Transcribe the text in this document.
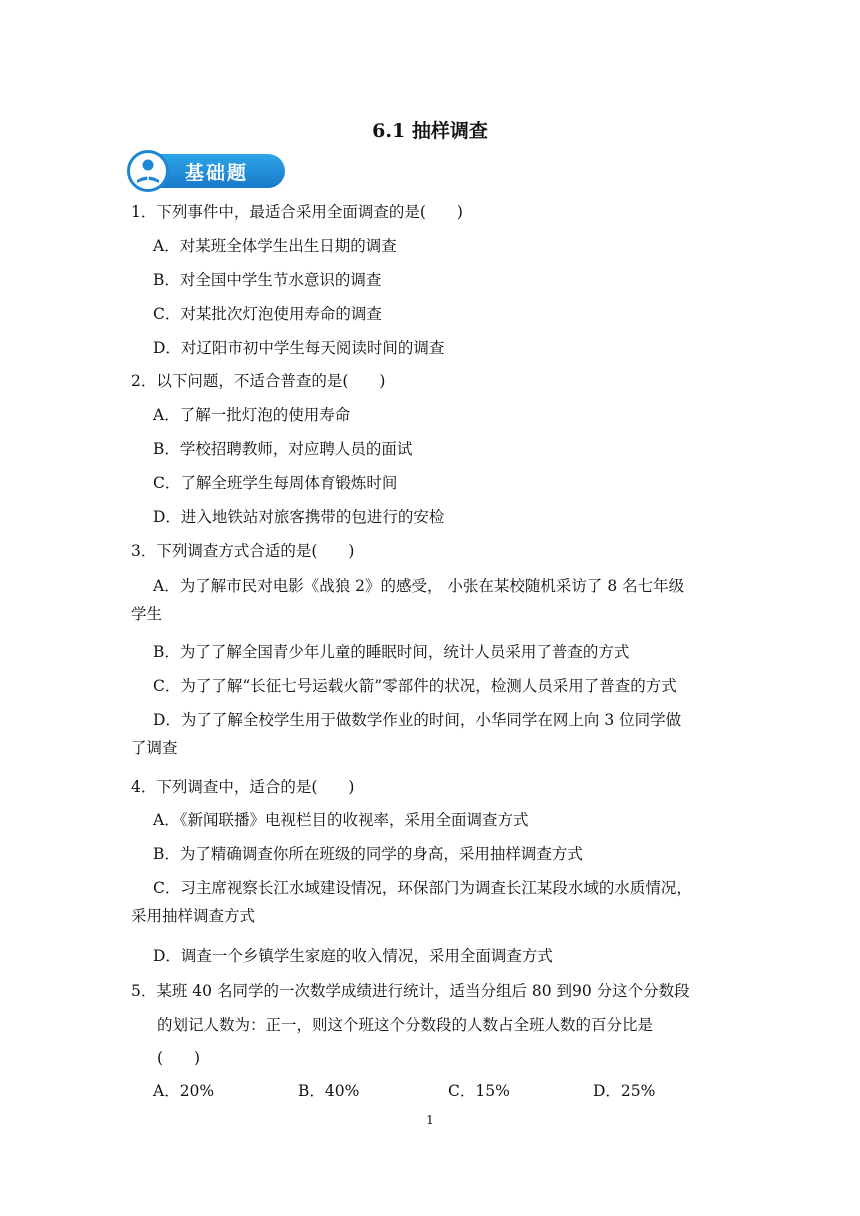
6.1 抽样调查
基础题
1．下列事件中，最适合采用全面调查的是(　　)
A．对某班全体学生出生日期的调查
B．对全国中学生节水意识的调查
C．对某批次灯泡使用寿命的调查
D．对辽阳市初中学生每天阅读时间的调查
2．以下问题，不适合普查的是(　　)
A．了解一批灯泡的使用寿命
B．学校招聘教师，对应聘人员的面试
C．了解全班学生每周体育锻炼时间
D．进入地铁站对旅客携带的包进行的安检
3．下列调查方式合适的是(　　)
A．为了解市民对电影《战狼 2》的感受， 小张在某校随机采访了 8 名七年级
学生
B．为了了解全国青少年儿童的睡眠时间，统计人员采用了普查的方式
C．为了了解“长征七号运载火箭”零部件的状况，检测人员采用了普查的方式
D．为了了解全校学生用于做数学作业的时间，小华同学在网上向 3 位同学做
了调查
4．下列调查中，适合的是(　　)
A．《新闻联播》电视栏目的收视率，采用全面调查方式
B．为了精确调查你所在班级的同学的身高，采用抽样调查方式
C．习主席视察长江水域建设情况，环保部门为调查长江某段水域的水质情况，
采用抽样调查方式
D．调查一个乡镇学生家庭的收入情况，采用全面调查方式
5．某班 40 名同学的一次数学成绩进行统计，适当分组后 80 到90 分这个分数段
的划记人数为：正一，则这个班这个分数段的人数占全班人数的百分比是
(　　)
A．20%	B．40%	C．15%	D．25%
1
